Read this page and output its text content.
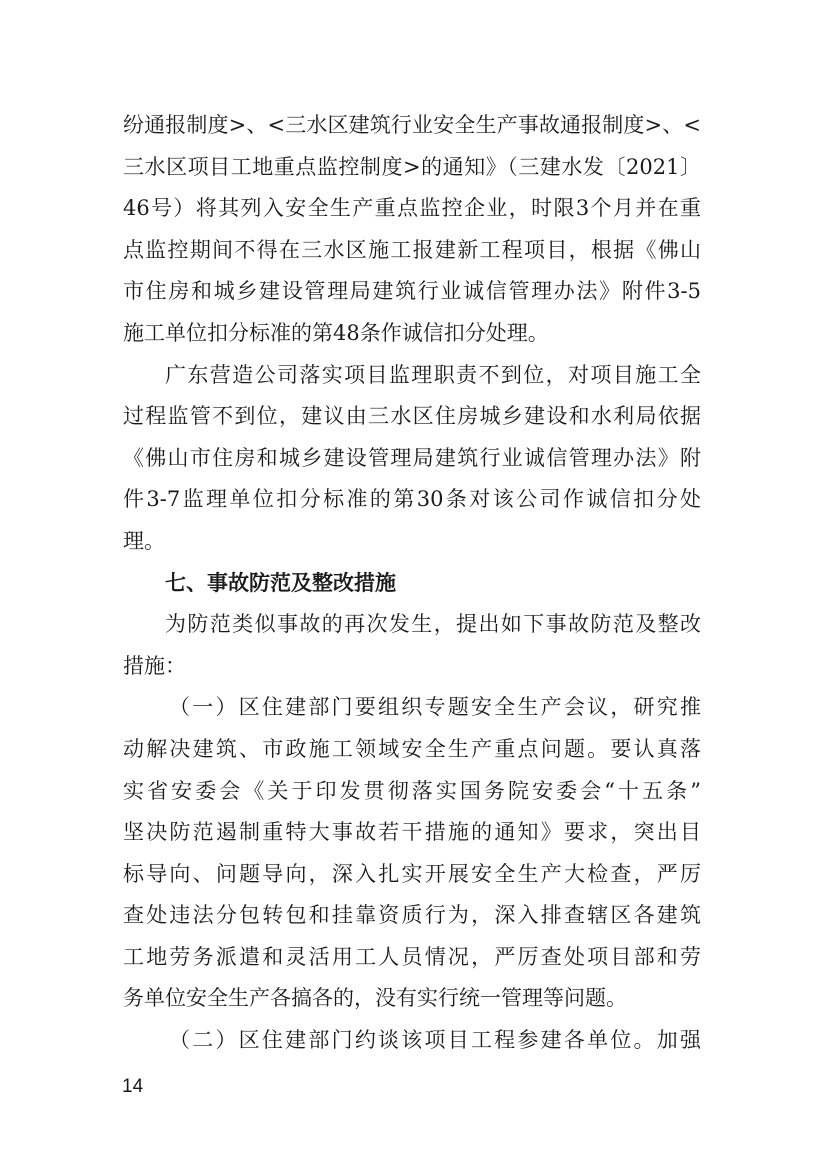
纷通报制度>、<三水区建筑行业安全生产事故通报制度>、<
三水区项目工地重点监控制度>的通知》（三建水发〔2021〕
46号）将其列入安全生产重点监控企业，时限3个月并在重
点监控期间不得在三水区施工报建新工程项目，根据《佛山
市住房和城乡建设管理局建筑行业诚信管理办法》附件3-5
施工单位扣分标准的第48条作诚信扣分处理。
广东营造公司落实项目监理职责不到位，对项目施工全
过程监管不到位，建议由三水区住房城乡建设和水利局依据
《佛山市住房和城乡建设管理局建筑行业诚信管理办法》附
件3-7监理单位扣分标准的第30条对该公司作诚信扣分处
理。
七、事故防范及整改措施
为防范类似事故的再次发生，提出如下事故防范及整改
措施：
（一）区住建部门要组织专题安全生产会议，研究推
动解决建筑、市政施工领域安全生产重点问题。要认真落
实省安委会《关于印发贯彻落实国务院安委会“十五条”
坚决防范遏制重特大事故若干措施的通知》要求，突出目
标导向、问题导向，深入扎实开展安全生产大检查，严厉
查处违法分包转包和挂靠资质行为，深入排查辖区各建筑
工地劳务派遣和灵活用工人员情况，严厉查处项目部和劳
务单位安全生产各搞各的，没有实行统一管理等问题。
（二）区住建部门约谈该项目工程参建各单位。加强
14
